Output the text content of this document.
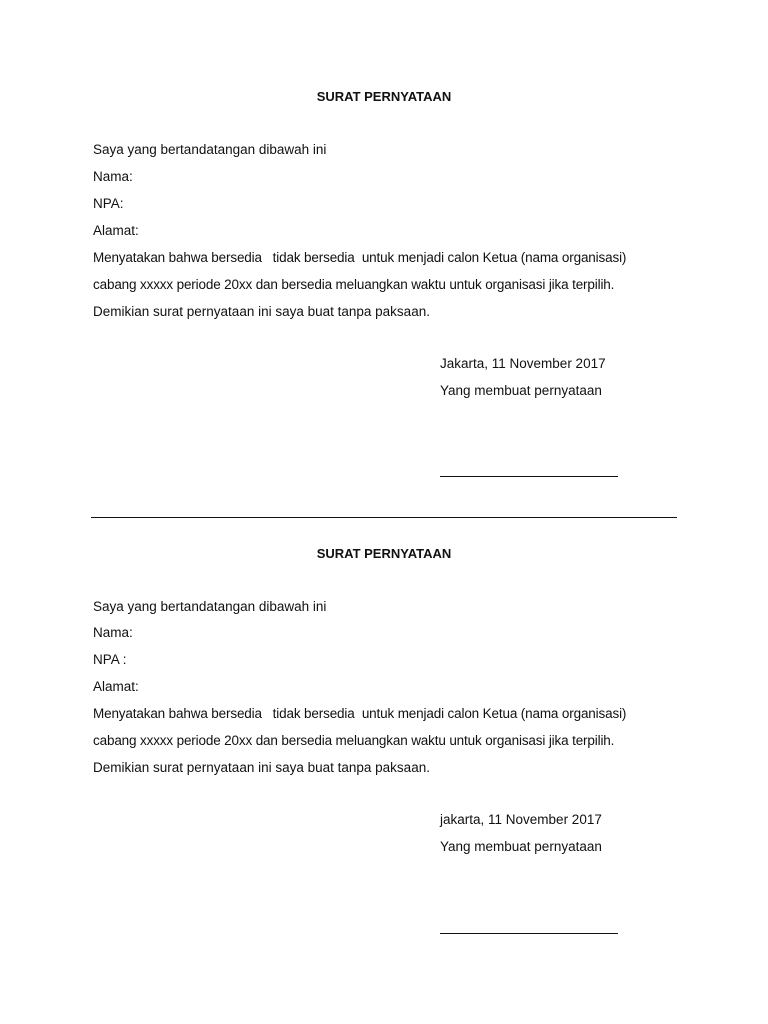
SURAT PERNYATAAN
Saya yang bertandatangan dibawah ini
Nama:
NPA:
Alamat:
Menyatakan bahwa bersedia   tidak bersedia  untuk menjadi calon Ketua (nama organisasi)
cabang xxxxx periode 20xx dan bersedia meluangkan waktu untuk organisasi jika terpilih.
Demikian surat pernyataan ini saya buat tanpa paksaan.
Jakarta, 11 November 2017
Yang membuat pernyataan
SURAT PERNYATAAN
Saya yang bertandatangan dibawah ini
Nama:
NPA :
Alamat:
Menyatakan bahwa bersedia   tidak bersedia  untuk menjadi calon Ketua (nama organisasi)
cabang xxxxx periode 20xx dan bersedia meluangkan waktu untuk organisasi jika terpilih.
Demikian surat pernyataan ini saya buat tanpa paksaan.
jakarta, 11 November 2017
Yang membuat pernyataan
